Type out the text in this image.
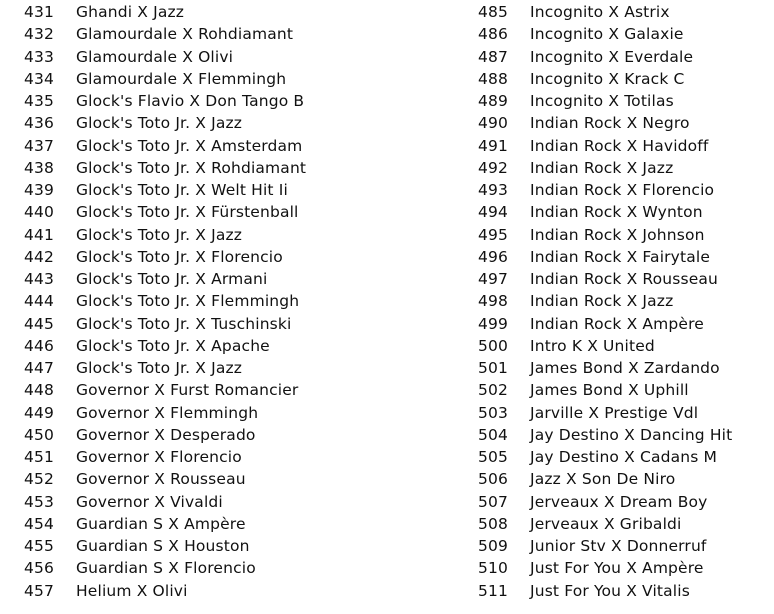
431 Ghandi X Jazz
432 Glamourdale X Rohdiamant
433 Glamourdale X Olivi
434 Glamourdale X Flemmingh
435 Glock's Flavio X Don Tango B
436 Glock's Toto Jr. X Jazz
437 Glock's Toto Jr. X Amsterdam
438 Glock's Toto Jr. X Rohdiamant
439 Glock's Toto Jr. X Welt Hit Ii
440 Glock's Toto Jr. X Fürstenball
441 Glock's Toto Jr. X Jazz
442 Glock's Toto Jr. X Florencio
443 Glock's Toto Jr. X Armani
444 Glock's Toto Jr. X Flemmingh
445 Glock's Toto Jr. X Tuschinski
446 Glock's Toto Jr. X Apache
447 Glock's Toto Jr. X Jazz
448 Governor X Furst Romancier
449 Governor X Flemmingh
450 Governor X Desperado
451 Governor X Florencio
452 Governor X Rousseau
453 Governor X Vivaldi
454 Guardian S X Ampère
455 Guardian S X Houston
456 Guardian S X Florencio
457 Helium X Olivi
485 Incognito X Astrix
486 Incognito X Galaxie
487 Incognito X Everdale
488 Incognito X Krack C
489 Incognito X Totilas
490 Indian Rock X Negro
491 Indian Rock X Havidoff
492 Indian Rock X Jazz
493 Indian Rock X Florencio
494 Indian Rock X Wynton
495 Indian Rock X Johnson
496 Indian Rock X Fairytale
497 Indian Rock X Rousseau
498 Indian Rock X Jazz
499 Indian Rock X Ampère
500 Intro K X United
501 James Bond X Zardando
502 James Bond X Uphill
503 Jarville X Prestige Vdl
504 Jay Destino X Dancing Hit
505 Jay Destino X Cadans M
506 Jazz X Son De Niro
507 Jerveaux X Dream Boy
508 Jerveaux X Gribaldi
509 Junior Stv X Donnerruf
510 Just For You X Ampère
511 Just For You X Vitalis
